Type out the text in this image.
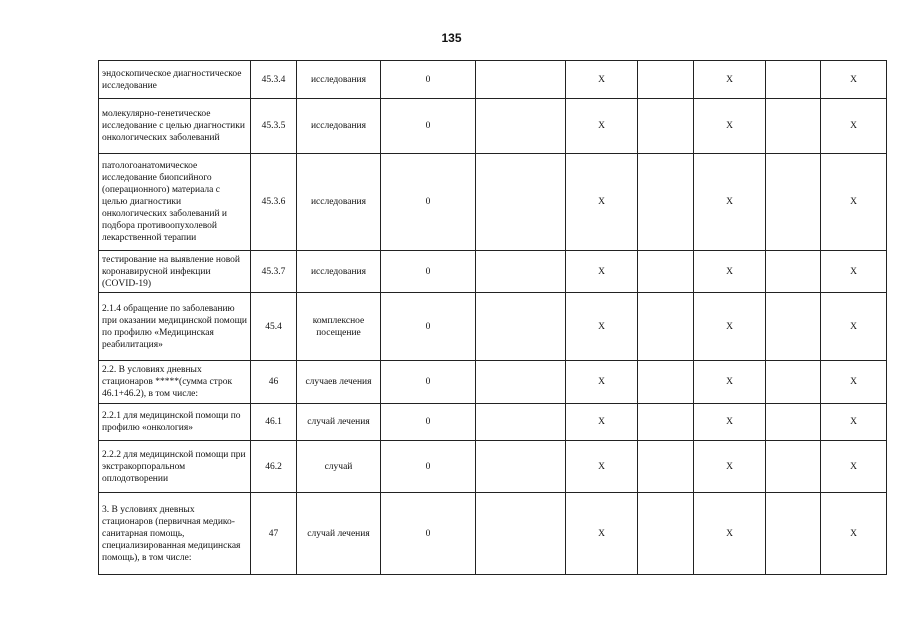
135
эндоскопическое диагностическое исследование	45.3.4	исследования	0		X		X		X
молекулярно-генетическое исследование с целью диагностики онкологических заболеваний	45.3.5	исследования	0		X		X		X
патологоанатомическое исследование биопсийного (операционного) материала с целью диагностики онкологических заболеваний и подбора противоопухолевой лекарственной терапии	45.3.6	исследования	0		X		X		X
тестирование на выявление новой коронавирусной инфекции (COVID-19)	45.3.7	исследования	0		X		X		X
2.1.4 обращение по заболеванию при оказании медицинской помощи по профилю «Медицинская реабилитация»	45.4	комплексное посещение	0		X		X		X
2.2. В условиях дневных стационаров *****(сумма строк 46.1+46.2), в том числе:	46	случаев лечения	0		X		X		X
2.2.1 для медицинской помощи по профилю «онкология»	46.1	случай лечения	0		X		X		X
2.2.2 для медицинской помощи при экстракорпоральном оплодотворении	46.2	случай	0		X		X		X
3. В условиях дневных стационаров (первичная медико-санитарная помощь, специализированная медицинская помощь), в том числе:	47	случай лечения	0		X		X		X
